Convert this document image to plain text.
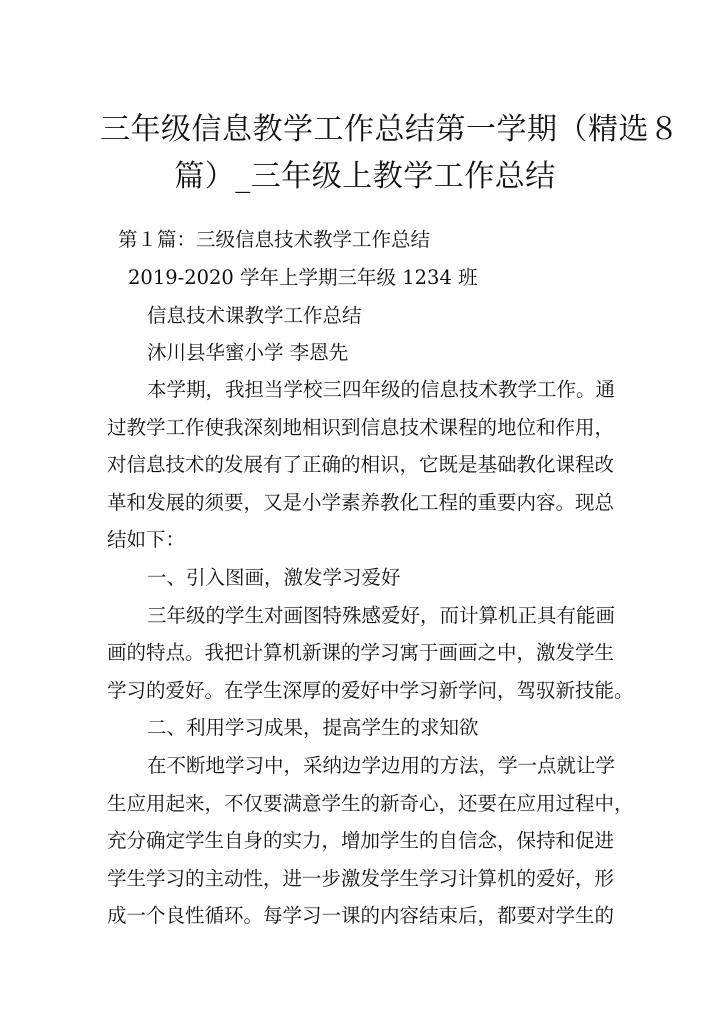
三年级信息教学工作总结第一学期（精选８
篇）_三年级上教学工作总结
第１篇：三级信息技术教学工作总结
2019-2020 学年上学期三年级 1234 班
信息技术课教学工作总结
沐川县华蜜小学 李恩先
本学期，我担当学校三四年级的信息技术教学工作。通
过教学工作使我深刻地相识到信息技术课程的地位和作用，
对信息技术的发展有了正确的相识，它既是基础教化课程改
革和发展的须要，又是小学素养教化工程的重要内容。现总
结如下：
一、引入图画，激发学习爱好
三年级的学生对画图特殊感爱好，而计算机正具有能画
画的特点。我把计算机新课的学习寓于画画之中，激发学生
学习的爱好。在学生深厚的爱好中学习新学问，驾驭新技能。
二、利用学习成果，提高学生的求知欲
在不断地学习中，采纳边学边用的方法，学一点就让学
生应用起来，不仅要满意学生的新奇心，还要在应用过程中，
充分确定学生自身的实力，增加学生的自信念，保持和促进
学生学习的主动性，进一步激发学生学习计算机的爱好，形
成一个良性循环。每学习一课的内容结束后，都要对学生的
